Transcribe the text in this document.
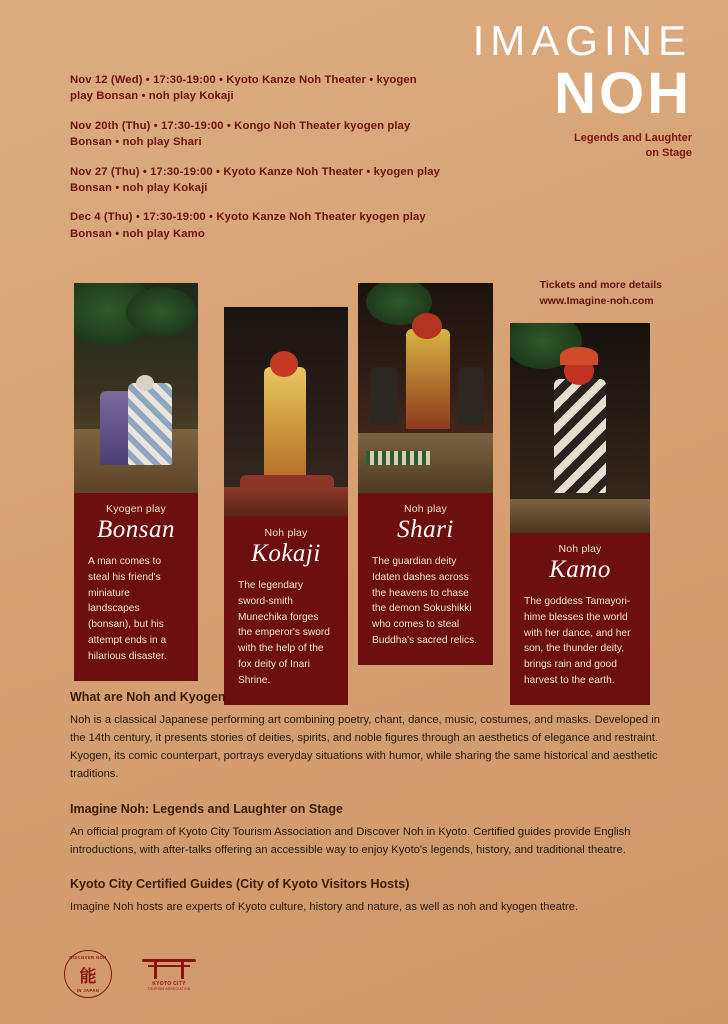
IMAGINE
NOH
Legends and Laughter
on Stage
Nov 12 (Wed) • 17:30-19:00 • Kyoto Kanze Noh Theater • kyogen play Bonsan • noh play Kokaji
Nov 20th (Thu) • 17:30-19:00 • Kongo Noh Theater kyogen play Bonsan • noh play Shari
Nov 27 (Thu) • 17:30-19:00 • Kyoto Kanze Noh Theater • kyogen play Bonsan • noh play Kokaji
Dec 4 (Thu) • 17:30-19:00 • Kyoto Kanze Noh Theater kyogen play Bonsan • noh play Kamo
Tickets and more details
www.Imagine-noh.com
Kyogen play
Bonsan
A man comes to steal his friend's miniature landscapes (bonsan), but his attempt ends in a hilarious disaster.
Noh play
Kokaji
The legendary sword-smith Munechika forges the emperor's sword with the help of the fox deity of Inari Shrine.
Noh play
Shari
The guardian deity Idaten dashes across the heavens to chase the demon Sokushikki who comes to steal Buddha's sacred relics.
Noh play
Kamo
The goddess Tamayori-hime blesses the world with her dance, and her son, the thunder deity, brings rain and good harvest to the earth.
What are Noh and Kyogen

Noh is a classical Japanese performing art combining poetry, chant, dance, music, costumes, and masks. Developed in the 14th century, it presents stories of deities, spirits, and noble figures through an aesthetics of elegance and restraint. Kyogen, its comic counterpart, portrays everyday situations with humor, while sharing the same historical and aesthetic traditions.

Imagine Noh: Legends and Laughter on Stage

An official program of Kyoto City Tourism Association and Discover Noh in Kyoto. Certified guides provide English introductions, with after-talks offering an accessible way to enjoy Kyoto's legends, history, and traditional theatre.

Kyoto City Certified Guides (City of Kyoto Visitors Hosts)

Imagine Noh hosts are experts of Kyoto culture, history and nature, as well as noh and kyogen theatre.

DISCOVER NOH
能
IN JAPAN
KYOTO CITY
TOURISM ASSOCIATION
